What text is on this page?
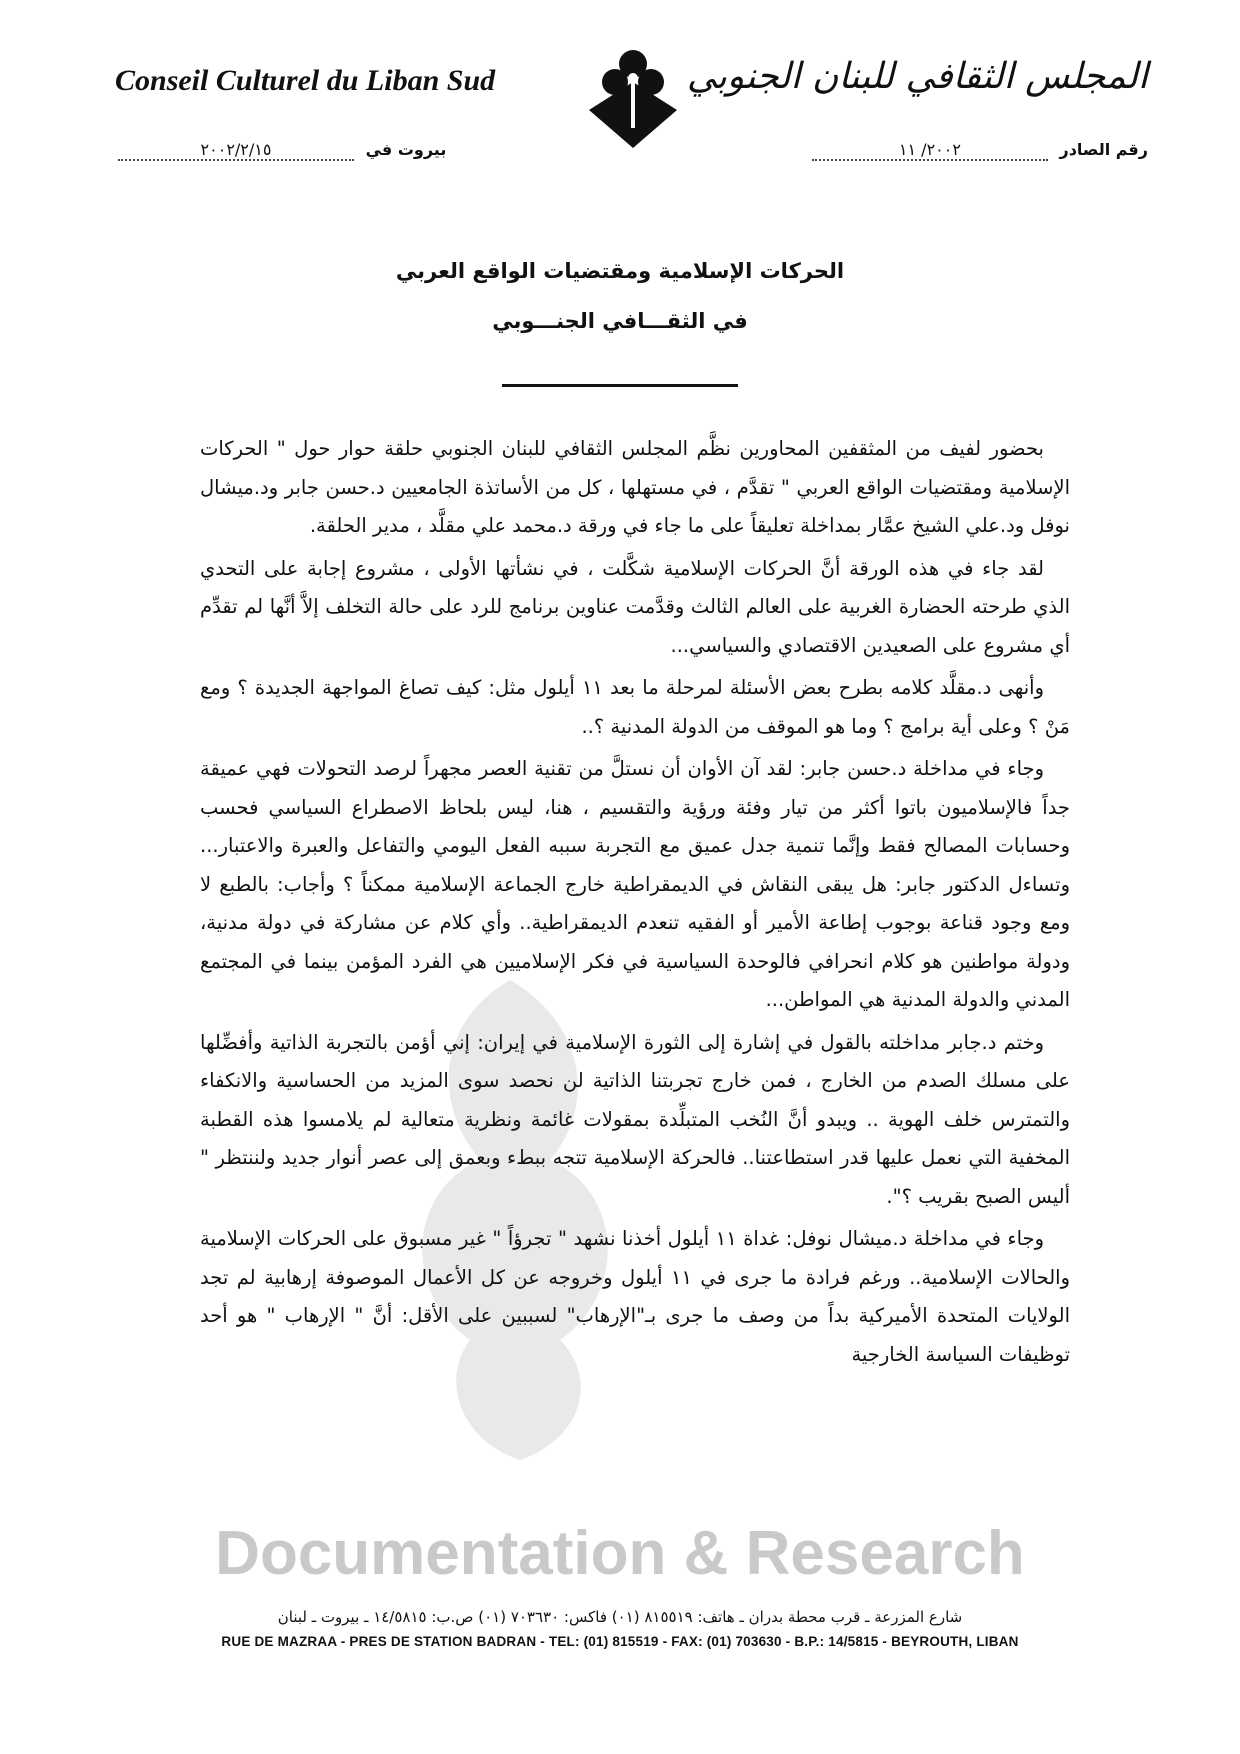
Conseil Culturel du Liban Sud	المجلس الثقافي للبنان الجنوبي
بيروت في ٢٠٠٢/٢/١٥	رقم الصادر ٢٠٠٢/ ١١

الحركات الإسلامية ومقتضيات الواقع العربي

في الثقـــافي الجنـــوبي

بحضور لفيف من المثقفين المحاورين نظَّم المجلس الثقافي للبنان الجنوبي حلقة حوار حول " الحركات الإسلامية ومقتضيات الواقع العربي " تقدَّم ، في مستهلها ، كل من الأساتذة الجامعيين د.حسن جابر ود.ميشال نوفل ود.علي الشيخ عمَّار بمداخلة تعليقاً على ما جاء في ورقة د.محمد علي مقلَّد ، مدير الحلقة.

لقد جاء في هذه الورقة أنَّ الحركات الإسلامية شكَّلت ، في نشأتها الأولى ، مشروع إجابة على التحدي الذي طرحته الحضارة الغربية على العالم الثالث وقدَّمت عناوين برنامج للرد على حالة التخلف إلاَّ أنَّها لم تقدِّم أي مشروع على الصعيدين الاقتصادي والسياسي...

وأنهى د.مقلَّد كلامه بطرح بعض الأسئلة لمرحلة ما بعد ١١ أيلول مثل: كيف تصاغ المواجهة الجديدة ؟ ومع مَنْ ؟ وعلى أية برامج ؟ وما هو الموقف من الدولة المدنية ؟..

وجاء في مداخلة د.حسن جابر: لقد آن الأوان أن نستلَّ من تقنية العصر مجهراً لرصد التحولات فهي عميقة جداً فالإسلاميون باتوا أكثر من تيار وفئة ورؤية والتقسيم ، هنا، ليس بلحاظ الاصطراع السياسي فحسب وحسابات المصالح فقط وإنَّما تنمية جدل عميق مع التجربة سببه الفعل اليومي والتفاعل والعبرة والاعتبار... وتساءل الدكتور جابر: هل يبقى النقاش في الديمقراطية خارج الجماعة الإسلامية ممكناً ؟ وأجاب: بالطبع لا ومع وجود قناعة بوجوب إطاعة الأمير أو الفقيه تنعدم الديمقراطية.. وأي كلام عن مشاركة في دولة مدنية، ودولة مواطنين هو كلام انحرافي فالوحدة السياسية في فكر الإسلاميين هي الفرد المؤمن بينما في المجتمع المدني والدولة المدنية هي المواطن...

وختم د.جابر مداخلته بالقول في إشارة إلى الثورة الإسلامية في إيران: إني أؤمن بالتجربة الذاتية وأفضِّلها على مسلك الصدم من الخارج ، فمن خارج تجربتنا الذاتية لن نحصد سوى المزيد من الحساسية والانكفاء والتمترس خلف الهوية .. ويبدو أنَّ النُخب المتبلِّدة بمقولات غائمة ونظرية متعالية لم يلامسوا هذه القطبة المخفية التي نعمل عليها قدر استطاعتنا.. فالحركة الإسلامية تتجه ببطء وبعمق إلى عصر أنوار جديد ولننتظر " أليس الصبح بقريب ؟".

وجاء في مداخلة د.ميشال نوفل: غداة ١١ أيلول أخذنا نشهد " تجرؤاً " غير مسبوق على الحركات الإسلامية والحالات الإسلامية.. ورغم فرادة ما جرى في ١١ أيلول وخروجه عن كل الأعمال الموصوفة إرهابية لم تجد الولايات المتحدة الأميركية بداً من وصف ما جرى بـ"الإرهاب" لسببين على الأقل: أنَّ " الإرهاب " هو أحد توظيفات السياسة الخارجية

Documentation & Research
شارع المزرعة ـ قرب محطة بدران ـ هاتف: ٨١٥٥١٩ (٠١) فاكس: ٧٠٣٦٣٠ (٠١) ص.ب: ١٤/٥٨١٥ ـ بيروت ـ لبنان
RUE DE MAZRAA - PRES DE STATION BADRAN - TEL: (01) 815519 - FAX: (01) 703630 - B.P.: 14/5815 - BEYROUTH, LIBAN
